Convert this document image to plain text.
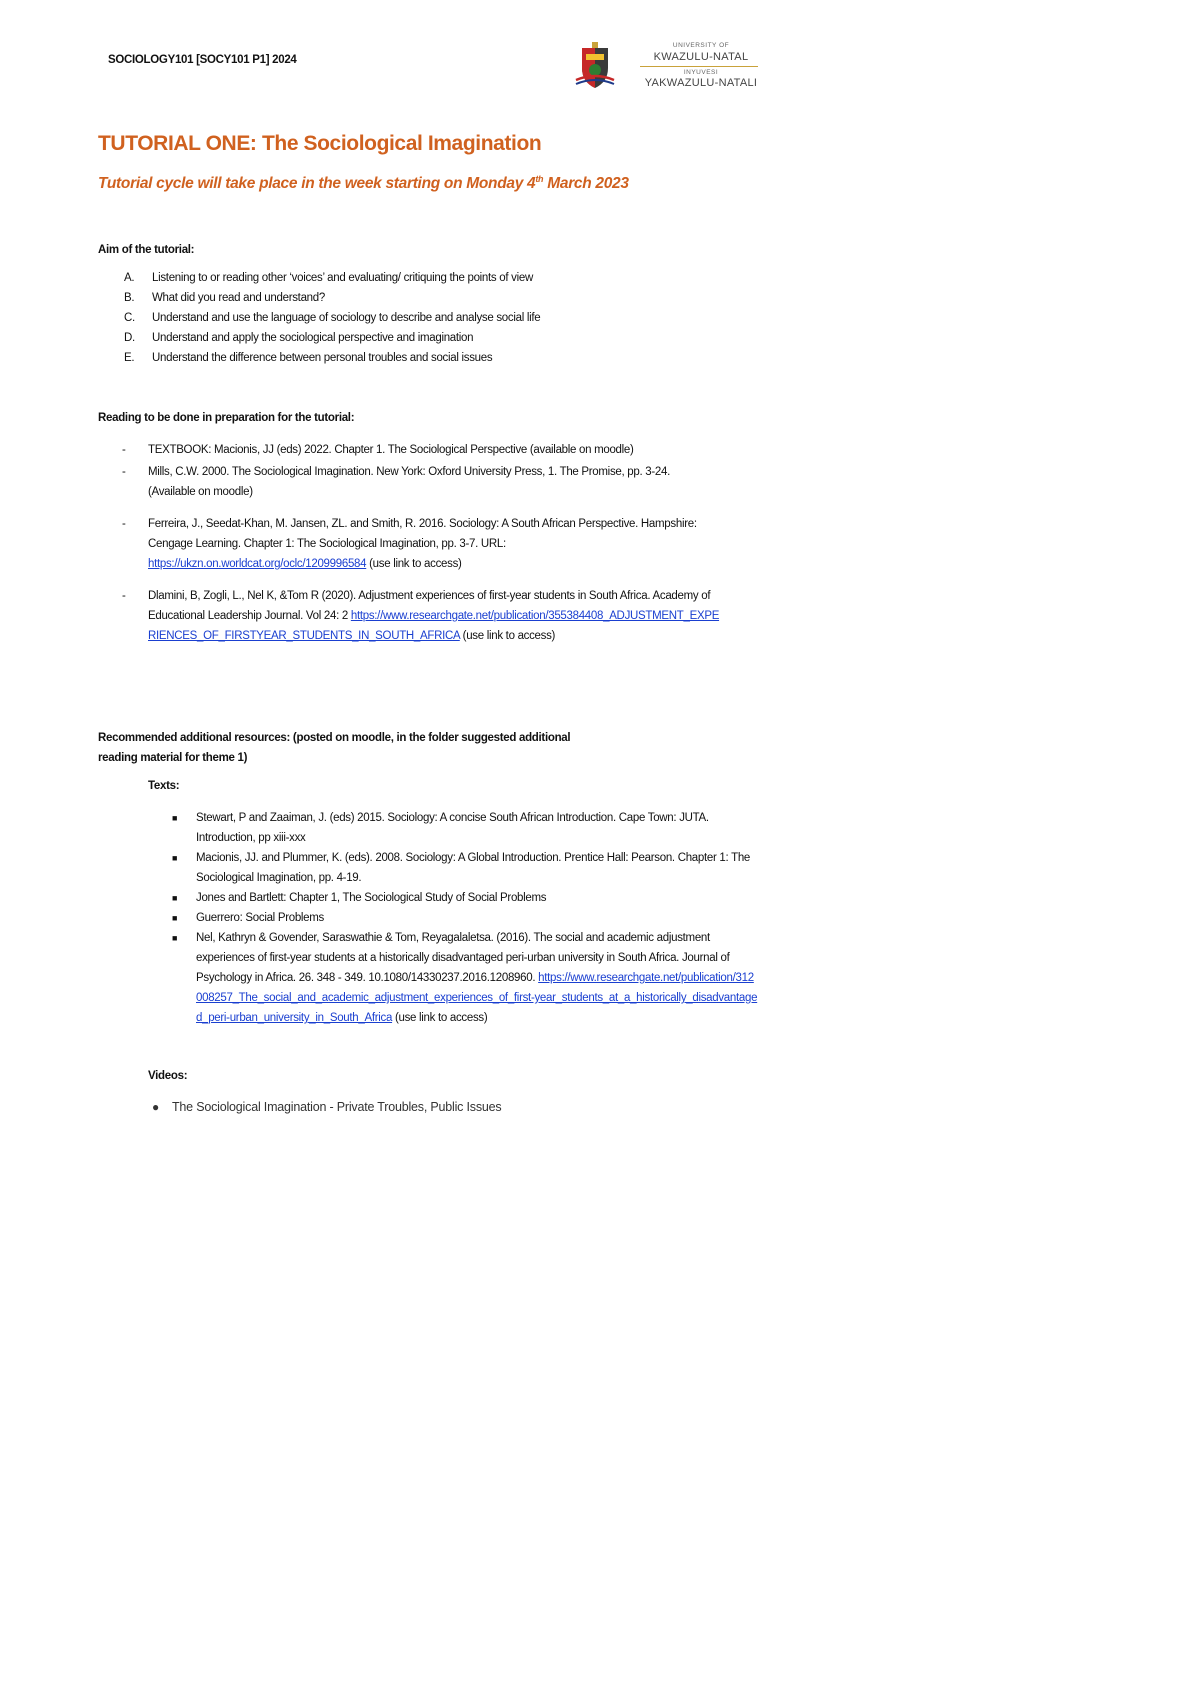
SOCIOLOGY101 [SOCY101 P1] 2024
UNIVERSITY OF
KWAZULU-NATAL
INYUVESI
YAKWAZULU-NATALI
TUTORIAL ONE: The Sociological Imagination
Tutorial cycle will take place in the week starting on Monday 4th March 2023
Aim of the tutorial:
A. Listening to or reading other ‘voices’ and evaluating/ critiquing the points of view
B. What did you read and understand?
C. Understand and use the language of sociology to describe and analyse social life
D. Understand and apply the sociological perspective and imagination
E. Understand the difference between personal troubles and social issues
Reading to be done in preparation for the tutorial:
- TEXTBOOK: Macionis, JJ (eds) 2022. Chapter 1. The Sociological Perspective (available on moodle)
- Mills, C.W. 2000. The Sociological Imagination. New York: Oxford University Press, 1. The Promise, pp. 3-24. (Available on moodle)
- Ferreira, J., Seedat-Khan, M. Jansen, ZL. and Smith, R. 2016. Sociology: A South African Perspective. Hampshire: Cengage Learning. Chapter 1: The Sociological Imagination, pp. 3-7. URL: https://ukzn.on.worldcat.org/oclc/1209996584 (use link to access)
- Dlamini, B, Zogli, L., Nel K, &Tom R (2020). Adjustment experiences of first-year students in South Africa. Academy of Educational Leadership Journal. Vol 24: 2 https://www.researchgate.net/publication/355384408_ADJUSTMENT_EXPERIENCES_OF_FIRSTYEAR_STUDENTS_IN_SOUTH_AFRICA (use link to access)
Recommended additional resources: (posted on moodle, in the folder suggested additional
reading material for theme 1)
Texts:
■ Stewart, P and Zaaiman, J. (eds) 2015. Sociology: A concise South African Introduction. Cape Town: JUTA. Introduction, pp xiii-xxx
■ Macionis, JJ. and Plummer, K. (eds). 2008. Sociology: A Global Introduction. Prentice Hall: Pearson. Chapter 1: The Sociological Imagination, pp. 4-19.
■ Jones and Bartlett: Chapter 1, The Sociological Study of Social Problems
■ Guerrero: Social Problems
■ Nel, Kathryn & Govender, Saraswathie & Tom, Reyagalaletsa. (2016). The social and academic adjustment experiences of first-year students at a historically disadvantaged peri-urban university in South Africa. Journal of Psychology in Africa. 26. 348 - 349. 10.1080/14330237.2016.1208960. https://www.researchgate.net/publication/312008257_The_social_and_academic_adjustment_experiences_of_first-year_students_at_a_historically_disadvantaged_peri-urban_university_in_South_Africa (use link to access)
Videos:
● The Sociological Imagination - Private Troubles, Public Issues
